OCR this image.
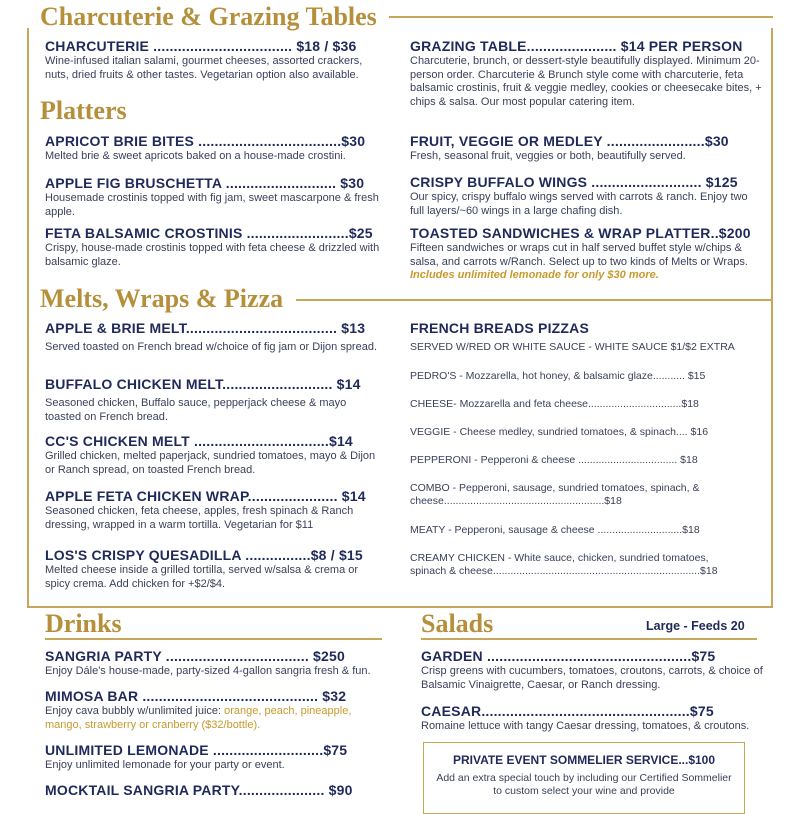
Charcuterie & Grazing Tables
CHARCUTERIE .................................. $18 / $36
Wine-infused italian salami, gourmet cheeses, assorted crackers, nuts, dried fruits & other tastes. Vegetarian option also available.
GRAZING TABLE...................... $14 PER PERSON
Charcuterie, brunch, or dessert-style beautifully displayed. Minimum 20-person order. Charcuterie & Brunch style come with charcuterie, feta balsamic crostinis, fruit & veggie medley, cookies or cheesecake bites, + chips & salsa. Our most popular catering item.
Platters
APRICOT BRIE BITES ...................................$30
Melted brie & sweet apricots baked on a house-made crostini.
APPLE FIG BRUSCHETTA ........................... $30
Housemade crostinis topped with fig jam, sweet mascarpone & fresh apple.
FETA BALSAMIC CROSTINIS .........................$25
Crispy, house-made crostinis topped with feta cheese & drizzled with balsamic glaze.
FRUIT, VEGGIE OR MEDLEY ........................$30
Fresh, seasonal fruit, veggies or both, beautifully served.
CRISPY BUFFALO WINGS ........................... $125
Our spicy, crispy buffalo wings served with carrots & ranch. Enjoy two full layers/~60 wings in a large chafing dish.
TOASTED SANDWICHES & WRAP PLATTER..$200
Fifteen sandwiches or wraps cut in half served buffet style w/chips & salsa, and carrots w/Ranch. Select up to two kinds of Melts or Wraps. Includes unlimited lemonade for only $30 more.
Melts, Wraps & Pizza
APPLE & BRIE MELT..................................... $13
Served toasted on French bread w/choice of fig jam or Dijon spread.
BUFFALO CHICKEN MELT........................... $14
Seasoned chicken, Buffalo sauce, pepperjack cheese & mayo toasted on French bread.
CC'S CHICKEN MELT .................................$14
Grilled chicken, melted paperjack, sundried tomatoes, mayo & Dijon or Ranch spread, on toasted French bread.
APPLE FETA CHICKEN WRAP...................... $14
Seasoned chicken, feta cheese, apples, fresh spinach & Ranch dressing, wrapped in a warm tortilla. Vegetarian for $11
LOS'S CRISPY QUESADILLA ................$8 / $15
Melted cheese inside a grilled tortilla, served w/salsa & crema or spicy crema. Add chicken for +$2/$4.
FRENCH BREADS PIZZAS
SERVED W/RED OR WHITE SAUCE - WHITE SAUCE $1/$2 EXTRA
PEDRO'S - Mozzarella, hot honey, & balsamic glaze........... $15
CHEESE- Mozzarella and feta cheese................................$18
VEGGIE - Cheese medley, sundried tomatoes, & spinach.... $16
PEPPERONI - Pepperoni & cheese .................................. $18
COMBO - Pepperoni, sausage, sundried tomatoes, spinach, & cheese.......................................................$18
MEATY - Pepperoni, sausage & cheese .............................$18
CREAMY CHICKEN - White sauce, chicken, sundried tomatoes, spinach & cheese.......................................................................$18
Drinks
SANGRIA PARTY ................................... $250
Enjoy Dále's house-made, party-sized 4-gallon sangria fresh & fun.
MIMOSA BAR ........................................... $32
Enjoy cava bubbly w/unlimited juice: orange, peach, pineapple, mango, strawberry or cranberry ($32/bottle).
UNLIMITED LEMONADE ...........................$75
Enjoy unlimited lemonade for your party or event.
MOCKTAIL SANGRIA PARTY..................... $90
Salads	Large - Feeds 20
GARDEN ..................................................$75
Crisp greens with cucumbers, tomatoes, croutons, carrots, & choice of Balsamic Vinaigrette, Caesar, or Ranch dressing.
CAESAR...................................................$75
Romaine lettuce with tangy Caesar dressing, tomatoes, & croutons.
PRIVATE EVENT SOMMELIER SERVICE...$100
Add an extra special touch by including our Certified Sommelier to custom select your wine and provide
